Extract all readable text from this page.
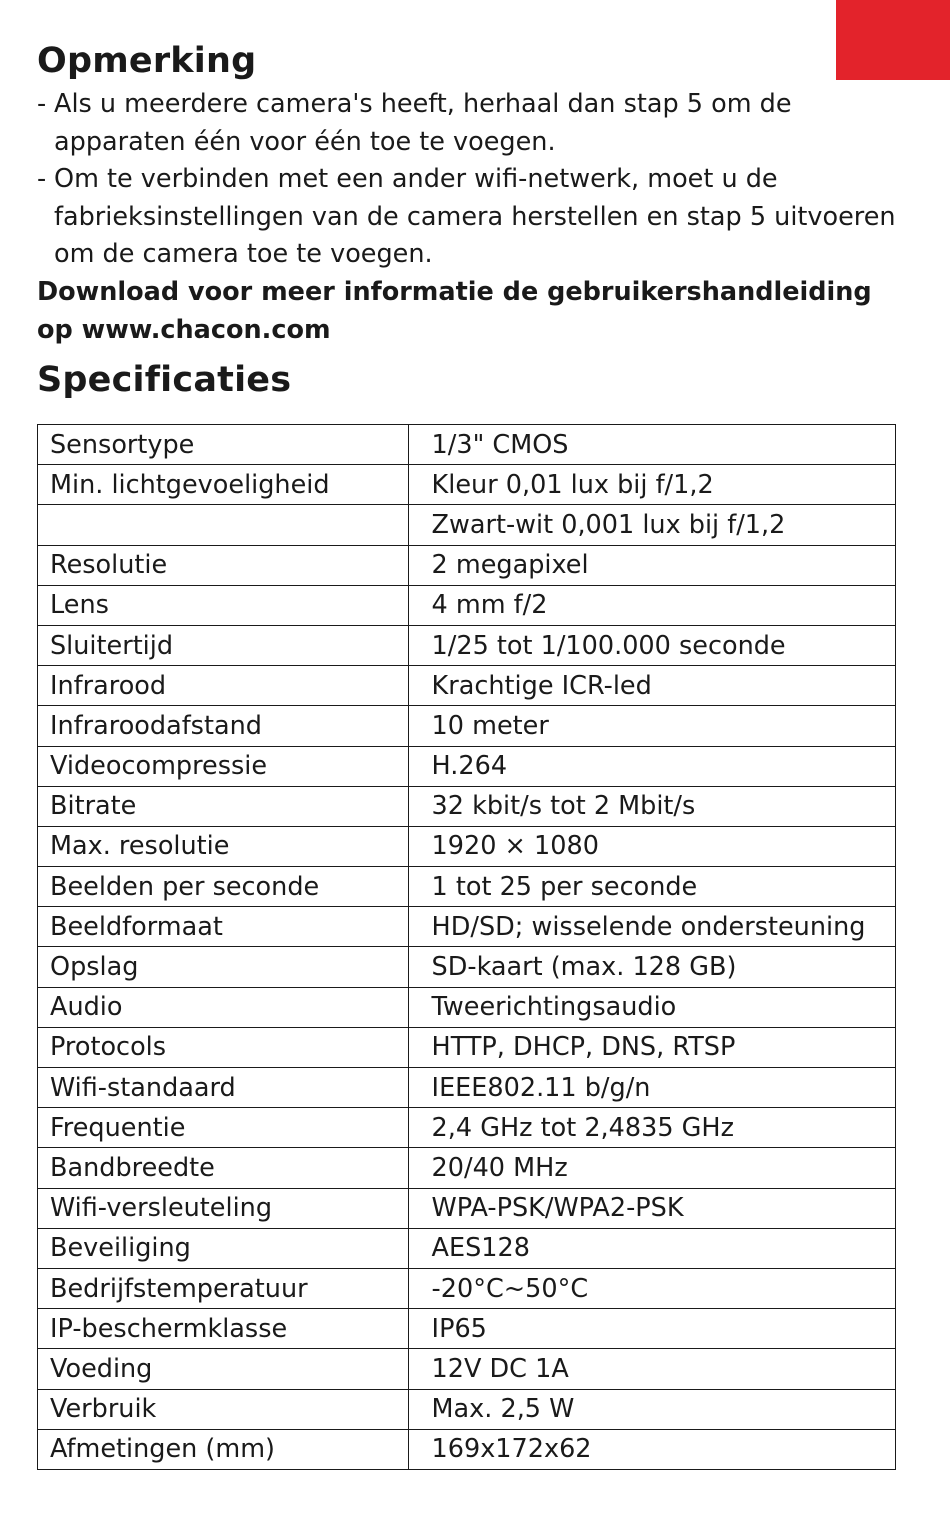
Opmerking
- Als u meerdere camera's heeft, herhaal dan stap 5 om de apparaten één voor één toe te voegen.
- Om te verbinden met een ander wifi-netwerk, moet u de fabrieksinstellingen van de camera herstellen en stap 5 uitvoeren om de camera toe te voegen.

Download voor meer informatie de gebruikershandleiding op www.chacon.com

Specificaties
Sensortype	1/3" CMOS
Min. lichtgevoeligheid	Kleur 0,01 lux bij f/1,2
	Zwart-wit 0,001 lux bij f/1,2
Resolutie	2 megapixel
Lens	4 mm f/2
Sluitertijd	1/25 tot 1/100.000 seconde
Infrarood	Krachtige ICR-led
Infraroodafstand	10 meter
Videocompressie	H.264
Bitrate	32 kbit/s tot 2 Mbit/s
Max. resolutie	1920 × 1080
Beelden per seconde	1 tot 25 per seconde
Beeldformaat	HD/SD; wisselende ondersteuning
Opslag	SD-kaart (max. 128 GB)
Audio	Tweerichtingsaudio
Protocols	HTTP, DHCP, DNS, RTSP
Wifi-standaard	IEEE802.11 b/g/n
Frequentie	2,4 GHz tot 2,4835 GHz
Bandbreedte	20/40 MHz
Wifi-versleuteling	WPA-PSK/WPA2-PSK
Beveiliging	AES128
Bedrijfstemperatuur	-20°C~50°C
IP-beschermklasse	IP65
Voeding	12V DC 1A
Verbruik	Max. 2,5 W
Afmetingen (mm)	169x172x62
